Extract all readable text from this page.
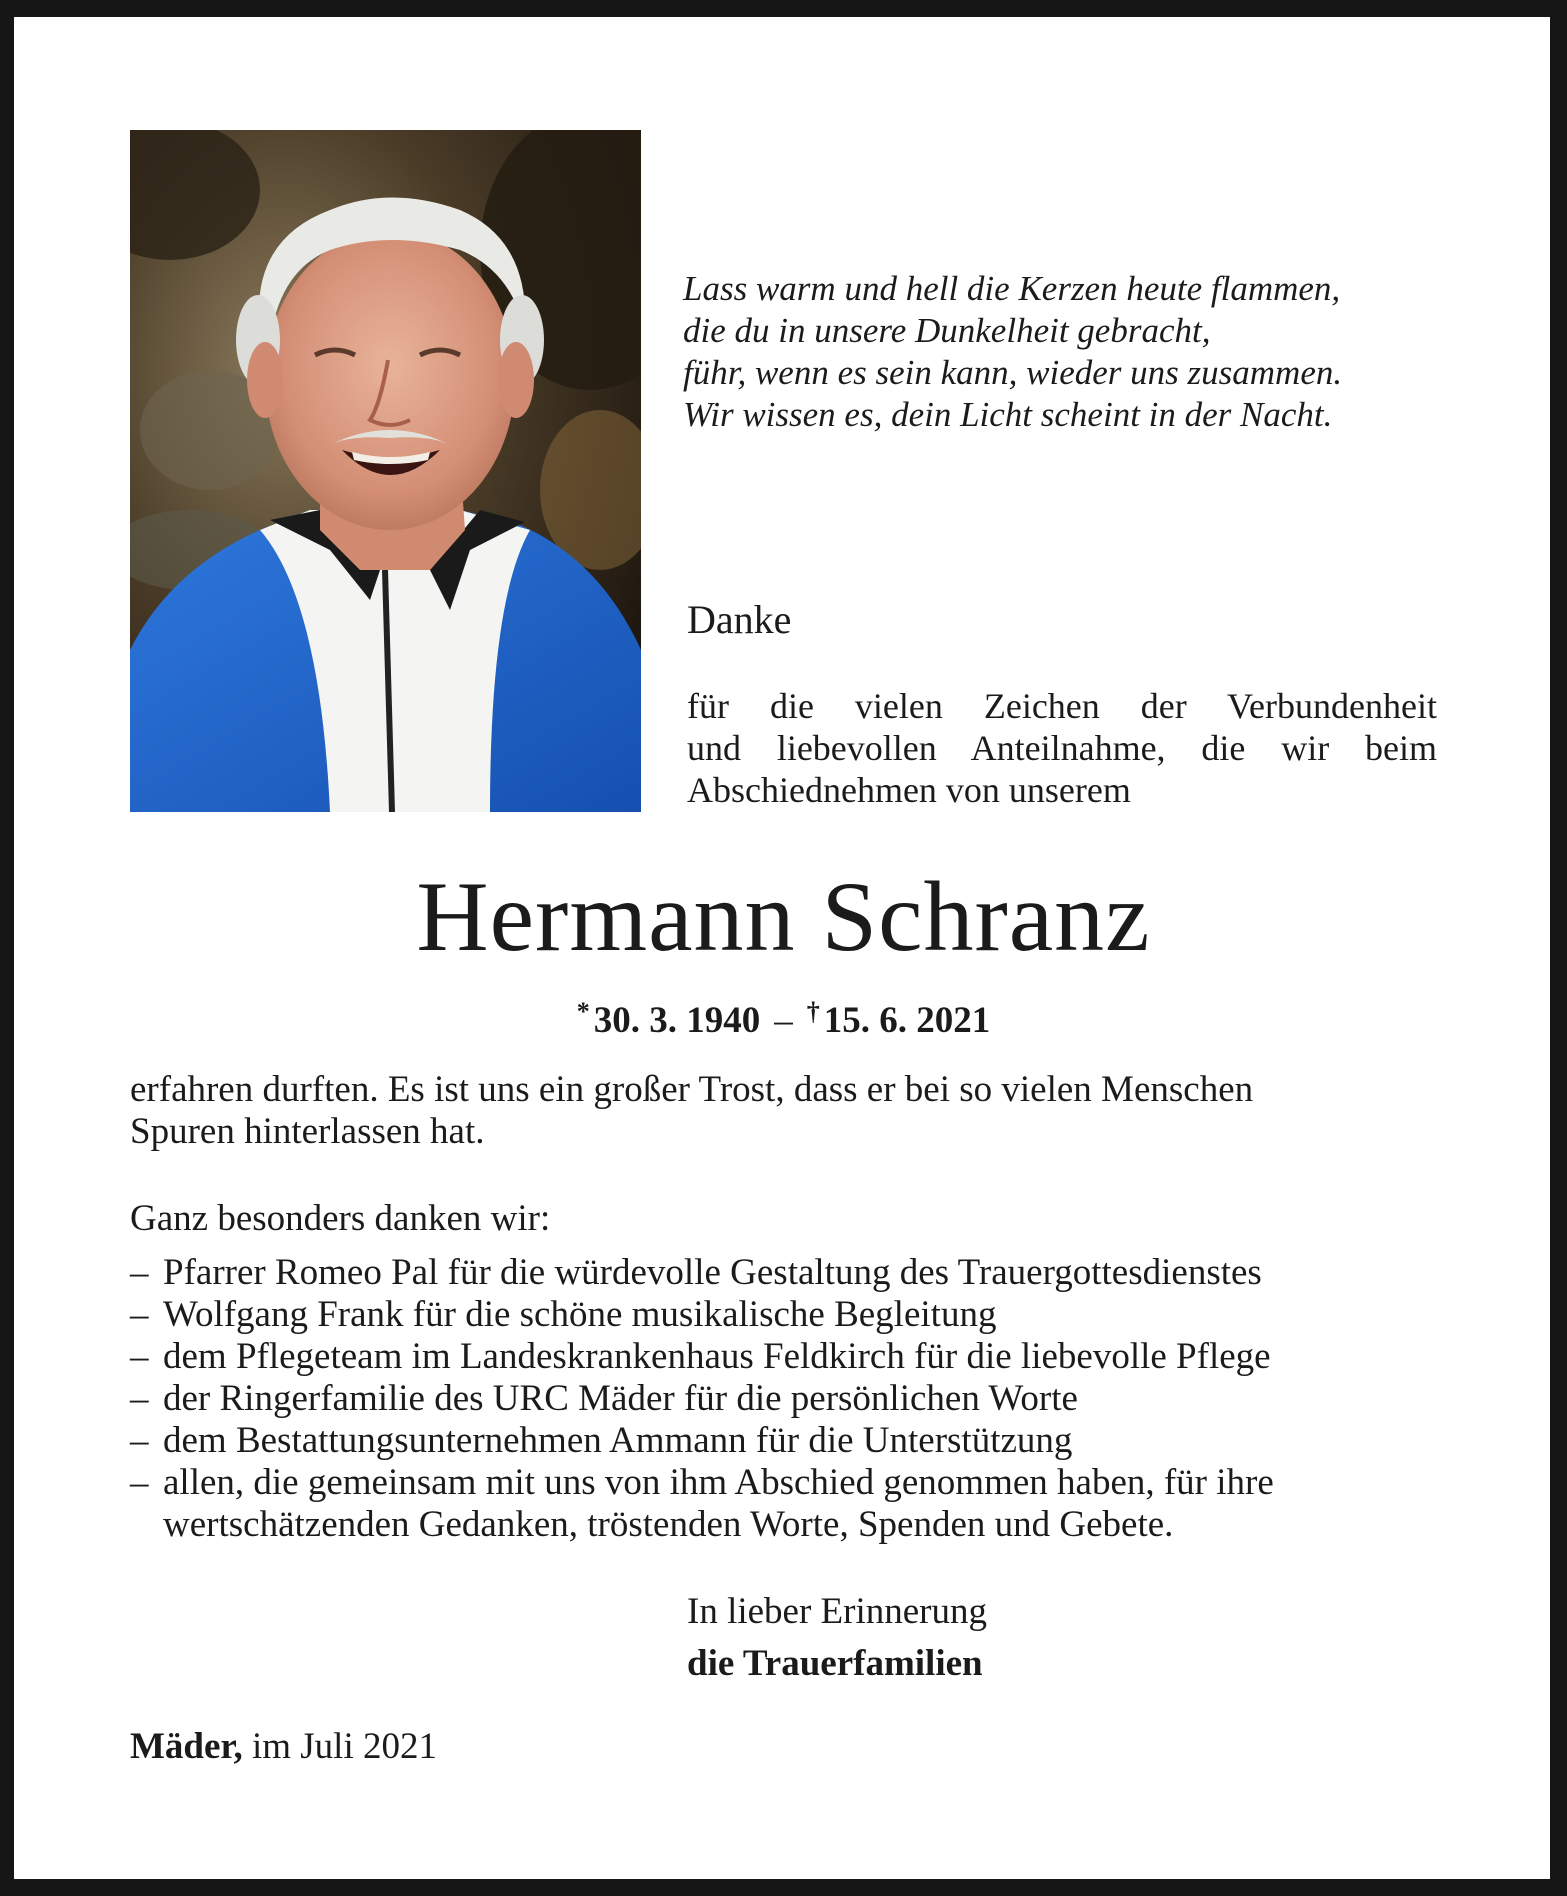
Lass warm und hell die Kerzen heute flammen,
die du in unsere Dunkelheit gebracht,
führ, wenn es sein kann, wieder uns zusammen.
Wir wissen es, dein Licht scheint in der Nacht.
Danke
für die vielen Zeichen der Verbundenheit
und liebevollen Anteilnahme, die wir beim
Abschiednehmen von unserem
Hermann Schranz
* 30. 3. 1940 – † 15. 6. 2021
erfahren durften. Es ist uns ein großer Trost, dass er bei so vielen Menschen
Spuren hinterlassen hat.

Ganz besonders danken wir:

– Pfarrer Romeo Pal für die würdevolle Gestaltung des Trauergottesdienstes
– Wolfgang Frank für die schöne musikalische Begleitung
– dem Pflegeteam im Landeskrankenhaus Feldkirch für die liebevolle Pflege
– der Ringerfamilie des URC Mäder für die persönlichen Worte
– dem Bestattungsunternehmen Ammann für die Unterstützung
– allen, die gemeinsam mit uns von ihm Abschied genommen haben, für ihre
wertschätzenden Gedanken, tröstenden Worte, Spenden und Gebete.
In lieber Erinnerung
die Trauerfamilien
Mäder, im Juli 2021
